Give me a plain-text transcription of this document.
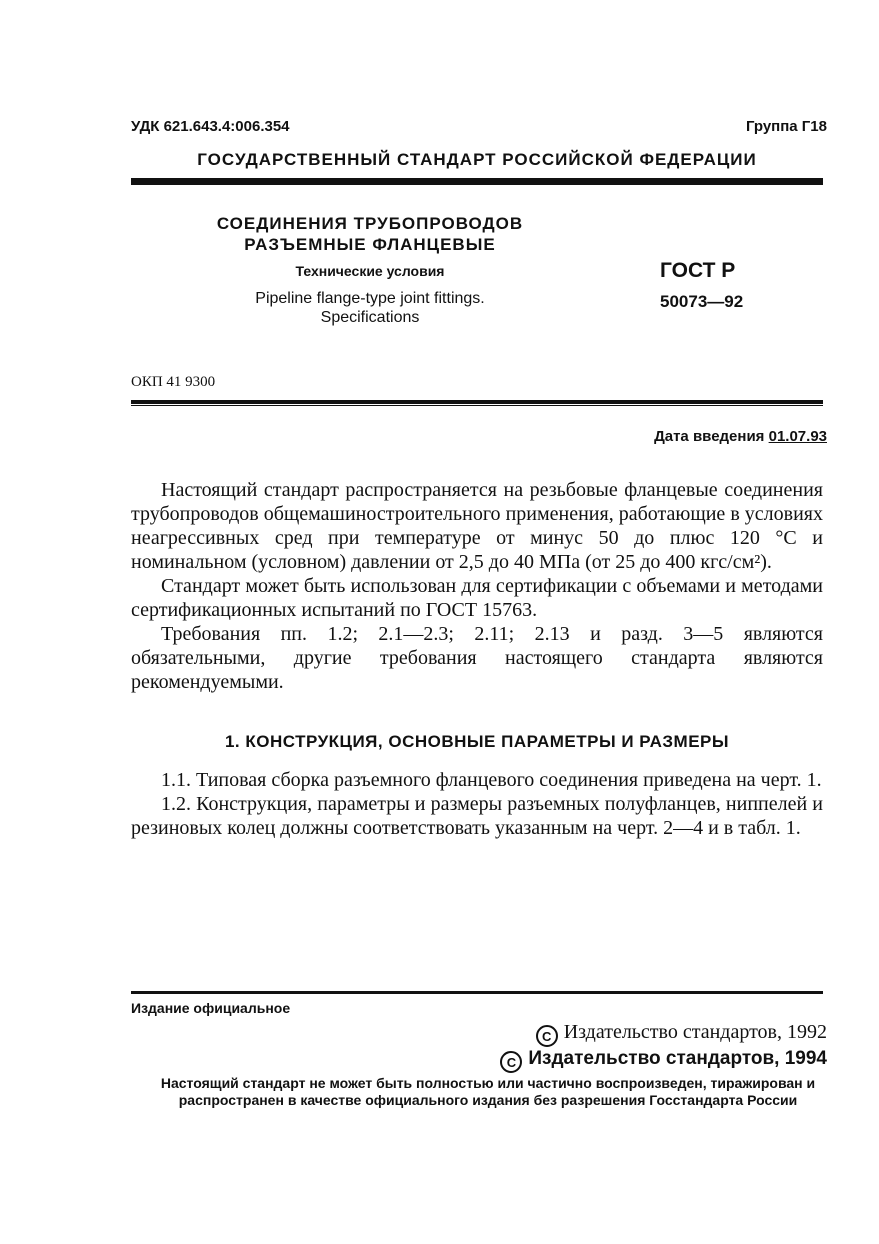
УДК 621.643.4:006.354	Группа Г18
ГОСУДАРСТВЕННЫЙ СТАНДАРТ РОССИЙСКОЙ ФЕДЕРАЦИИ
СОЕДИНЕНИЯ ТРУБОПРОВОДОВ
РАЗЪЕМНЫЕ ФЛАНЦЕВЫЕ
Технические условия
Pipeline flange-type joint fittings.
Specifications
ГОСТ Р
50073—92
ОКП 41 9300
Дата введения 01.07.93

Настоящий стандарт распространяется на резьбовые фланцевые соединения трубопроводов общемашиностроительного применения, работающие в условиях неагрессивных сред при температуре от минус 50 до плюс 120 °С и номинальном (условном) давлении от 2,5 до 40 МПа (от 25 до 400 кгс/см²).

Стандарт может быть использован для сертификации с объемами и методами сертификационных испытаний по ГОСТ 15763.

Требования пп. 1.2; 2.1—2.3; 2.11; 2.13 и разд. 3—5 являются обязательными, другие требования настоящего стандарта являются рекомендуемыми.

1. КОНСТРУКЦИЯ, ОСНОВНЫЕ ПАРАМЕТРЫ И РАЗМЕРЫ

1.1. Типовая сборка разъемного фланцевого соединения приведена на черт. 1.

1.2. Конструкция, параметры и размеры разъемных полуфланцев, ниппелей и резиновых колец должны соответствовать указанным на черт. 2—4 и в табл. 1.

Издание официальное
C Издательство стандартов, 1992
C Издательство стандартов, 1994
Настоящий стандарт не может быть полностью или частично воспроизведен, тиражирован и распространен в качестве официального издания без разрешения Госстандарта России
